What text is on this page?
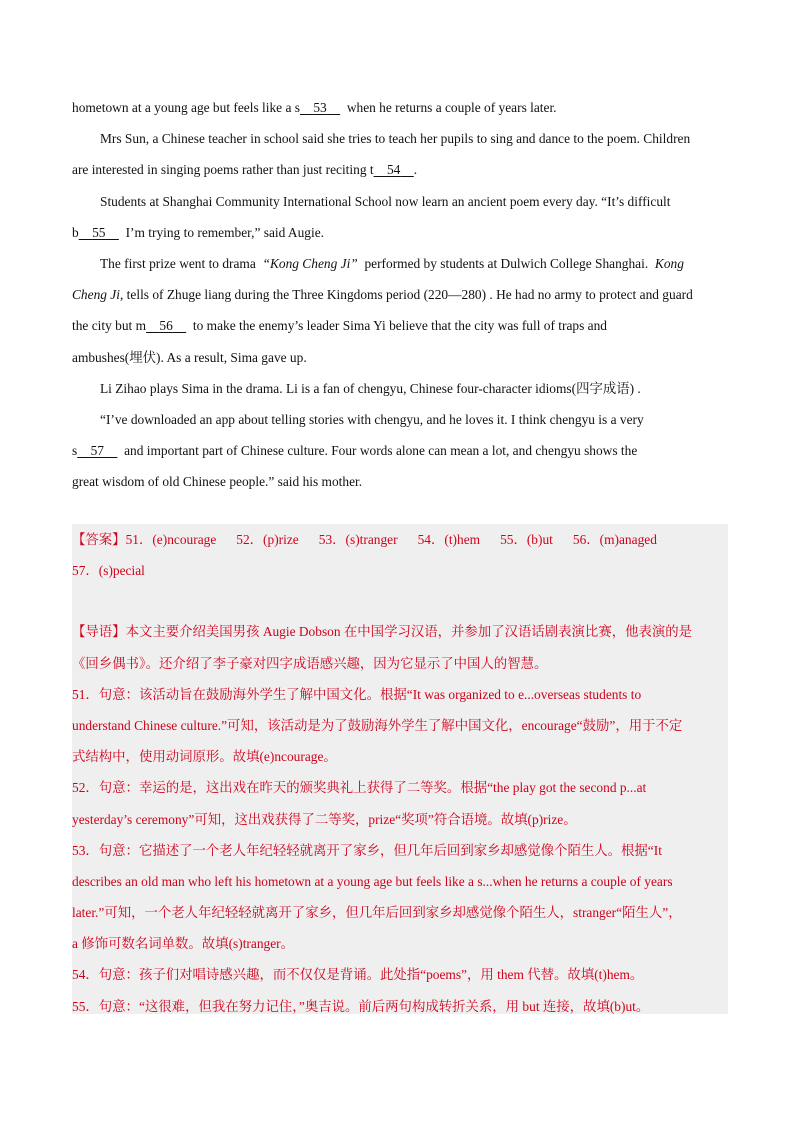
hometown at a young age but feels like a s 53 when he returns a couple of years later.
Mrs Sun, a Chinese teacher in school said she tries to teach her pupils to sing and dance to the poem. Children
are interested in singing poems rather than just reciting t 54 .
Students at Shanghai Community International School now learn an ancient poem every day. “It’s difficult
b 55 I’m trying to remember,” said Augie.
The first prize went to drama “Kong Cheng Ji” performed by students at Dulwich College Shanghai. Kong
Cheng Ji, tells of Zhuge liang during the Three Kingdoms period (220—280) . He had no army to protect and guard
the city but m 56 to make the enemy’s leader Sima Yi believe that the city was full of traps and
ambushes(埋伏). As a result, Sima gave up.
Li Zihao plays Sima in the drama. Li is a fan of chengyu, Chinese four-character idioms(四字成语) .
“I’ve downloaded an app about telling stories with chengyu, and he loves it. I think chengyu is a very
s 57 and important part of Chinese culture. Four words alone can mean a lot, and chengyu shows the
great wisdom of old Chinese people.” said his mother.
【答案】51．(e)ncourage 52．(p)rize 53．(s)tranger 54．(t)hem 55．(b)ut 56．(m)anaged
57．(s)pecial
【导语】本文主要介绍美国男孩 Augie Dobson 在中国学习汉语，并参加了汉语话剧表演比赛，他表演的是
《回乡偶书》。还介绍了李子豪对四字成语感兴趣，因为它显示了中国人的智慧。
51．句意：该活动旨在鼓励海外学生了解中国文化。根据“It was organized to e...overseas students to
understand Chinese culture.”可知，该活动是为了鼓励海外学生了解中国文化，encourage“鼓励”，用于不定
式结构中，使用动词原形。故填(e)ncourage。
52．句意：幸运的是，这出戏在昨天的颁奖典礼上获得了二等奖。根据“the play got the second p...at
yesterday’s ceremony”可知，这出戏获得了二等奖，prize“奖项”符合语境。故填(p)rize。
53．句意：它描述了一个老人年纪轻轻就离开了家乡，但几年后回到家乡却感觉像个陌生人。根据“It
describes an old man who left his hometown at a young age but feels like a s...when he returns a couple of years
later.”可知，一个老人年纪轻轻就离开了家乡，但几年后回到家乡却感觉像个陌生人，stranger“陌生人”，
a 修饰可数名词单数。故填(s)tranger。
54．句意：孩子们对唱诗感兴趣，而不仅仅是背诵。此处指“poems”，用 them 代替。故填(t)hem。
55．句意：“这很难，但我在努力记住，”奥吉说。前后两句构成转折关系，用 but 连接，故填(b)ut。
